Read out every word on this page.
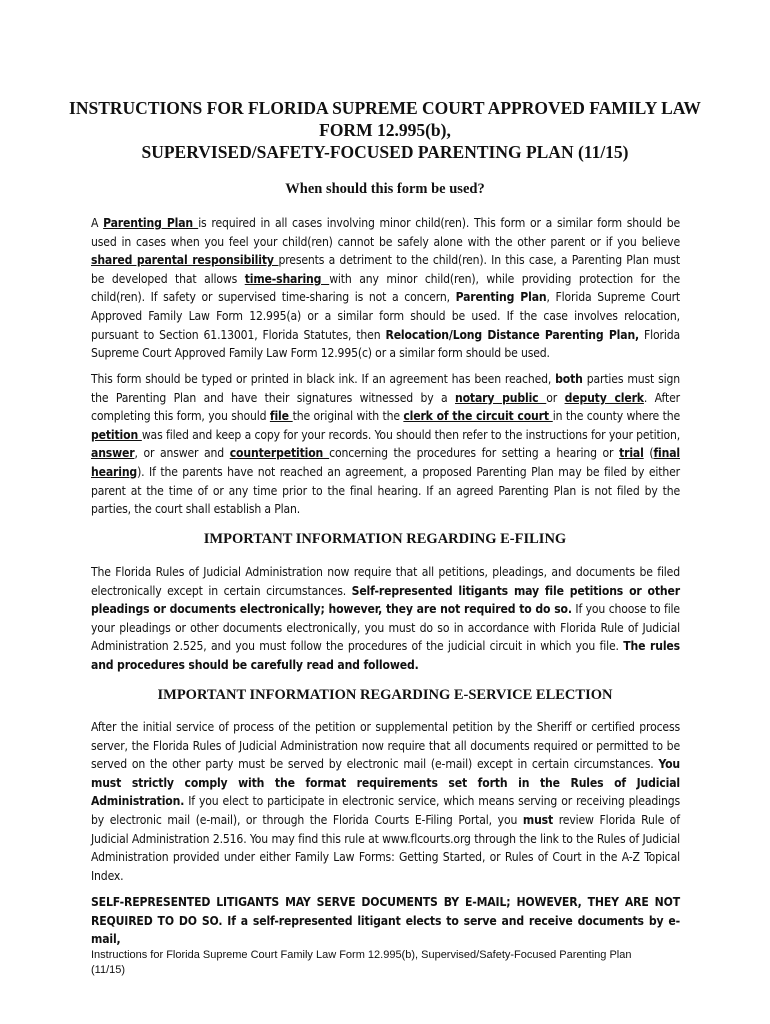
INSTRUCTIONS FOR FLORIDA SUPREME COURT APPROVED FAMILY LAW
FORM 12.995(b),
SUPERVISED/SAFETY-FOCUSED PARENTING PLAN (11/15)
When should this form be used?

A Parenting Plan is required in all cases involving minor child(ren). This form or a similar form should be used in cases when you feel your child(ren) cannot be safely alone with the other parent or if you believe shared parental responsibility presents a detriment to the child(ren). In this case, a Parenting Plan must be developed that allows time-sharing with any minor child(ren), while providing protection for the child(ren). If safety or supervised time-sharing is not a concern, Parenting Plan, Florida Supreme Court Approved Family Law Form 12.995(a) or a similar form should be used. If the case involves relocation, pursuant to Section 61.13001, Florida Statutes, then Relocation/Long Distance Parenting Plan, Florida Supreme Court Approved Family Law Form 12.995(c) or a similar form should be used.

This form should be typed or printed in black ink. If an agreement has been reached, both parties must sign the Parenting Plan and have their signatures witnessed by a notary public or deputy clerk. After completing this form, you should file the original with the clerk of the circuit court in the county where the petition was filed and keep a copy for your records. You should then refer to the instructions for your petition, answer, or answer and counterpetition concerning the procedures for setting a hearing or trial (final hearing). If the parents have not reached an agreement, a proposed Parenting Plan may be filed by either parent at the time of or any time prior to the final hearing. If an agreed Parenting Plan is not filed by the parties, the court shall establish a Plan.

IMPORTANT INFORMATION REGARDING E-FILING

The Florida Rules of Judicial Administration now require that all petitions, pleadings, and documents be filed electronically except in certain circumstances. Self-represented litigants may file petitions or other pleadings or documents electronically; however, they are not required to do so. If you choose to file your pleadings or other documents electronically, you must do so in accordance with Florida Rule of Judicial Administration 2.525, and you must follow the procedures of the judicial circuit in which you file. The rules and procedures should be carefully read and followed.

IMPORTANT INFORMATION REGARDING E-SERVICE ELECTION

After the initial service of process of the petition or supplemental petition by the Sheriff or certified process server, the Florida Rules of Judicial Administration now require that all documents required or permitted to be served on the other party must be served by electronic mail (e-mail) except in certain circumstances. You must strictly comply with the format requirements set forth in the Rules of Judicial Administration. If you elect to participate in electronic service, which means serving or receiving pleadings by electronic mail (e-mail), or through the Florida Courts E-Filing Portal, you must review Florida Rule of Judicial Administration 2.516. You may find this rule at www.flcourts.org through the link to the Rules of Judicial Administration provided under either Family Law Forms: Getting Started, or Rules of Court in the A-Z Topical Index.

SELF-REPRESENTED LITIGANTS MAY SERVE DOCUMENTS BY E-MAIL; HOWEVER, THEY ARE NOT REQUIRED TO DO SO. If a self-represented litigant elects to serve and receive documents by e-mail,

Instructions for Florida Supreme Court Family Law Form 12.995(b), Supervised/Safety-Focused Parenting Plan
(11/15)
